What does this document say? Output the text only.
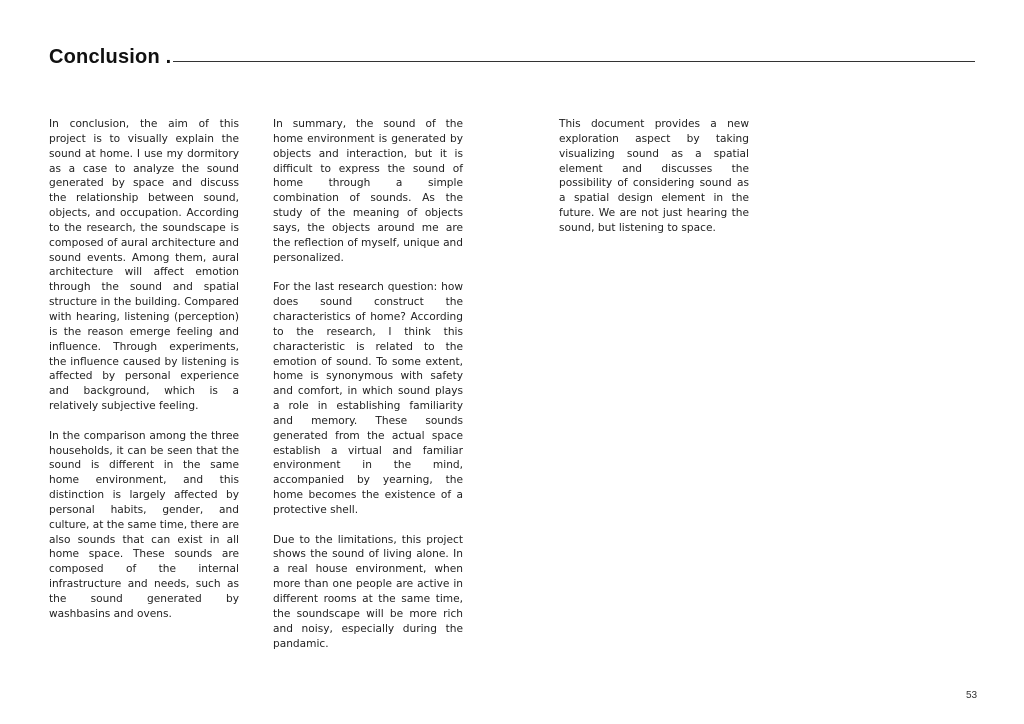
Conclusion .

In conclusion, the aim of this project is to visually explain the sound at home. I use my dormitory as a case to analyze the sound generated by space and discuss the relationship between sound, objects, and occupation. According to the research, the soundscape is composed of aural architecture and sound events. Among them, aural architecture will affect emotion through the sound and spatial structure in the building. Compared with hearing, listening (perception) is the reason emerge feeling and influence. Through experiments, the influence caused by listening is affected by personal experience and background, which is a relatively subjective feeling.

In the comparison among the three households, it can be seen that the sound is different in the same home environment, and this distinction is largely affected by personal habits, gender, and culture, at the same time, there are also sounds that can exist in all home space. These sounds are composed of the internal infrastructure and needs, such as the sound generated by washbasins and ovens.

In summary, the sound of the home environment is generated by objects and interaction, but it is difficult to express the sound of home through a simple combination of sounds. As the study of the meaning of objects says, the objects around me are the reflection of myself, unique and personalized.

For the last research question: how does sound construct the characteristics of home? According to the research, I think this characteristic is related to the emotion of sound. To some extent, home is synonymous with safety and comfort, in which sound plays a role in establishing familiarity and memory. These sounds generated from the actual space establish a virtual and familiar environment in the mind, accompanied by yearning, the home becomes the existence of a protective shell.

Due to the limitations, this project shows the sound of living alone. In a real house environment, when more than one people are active in different rooms at the same time, the soundscape will be more rich and noisy, especially during the pandamic.

This document provides a new exploration aspect by taking visualizing sound as a spatial element and discusses the possibility of considering sound as a spatial design element in the future. We are not just hearing the sound, but listening to space.

53
